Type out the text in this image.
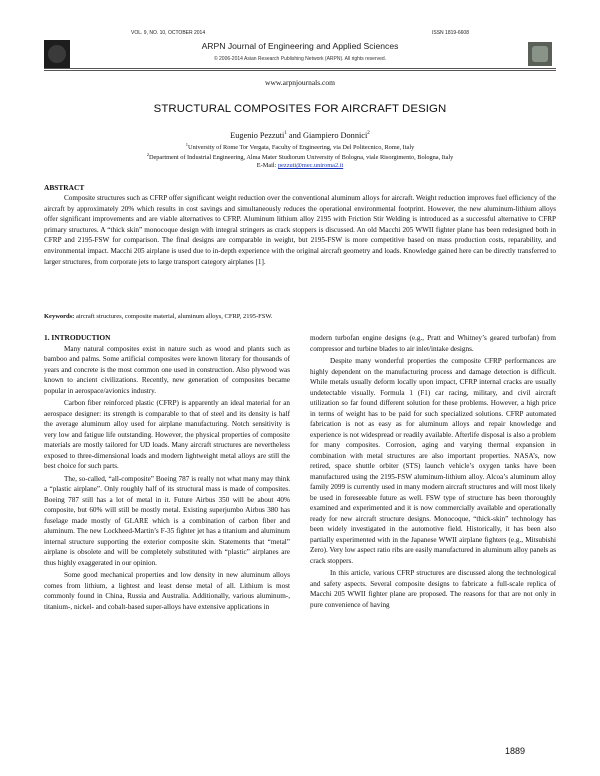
VOL. 9, NO. 10, OCTOBER 2014	ISSN 1819-6608
ARPN Journal of Engineering and Applied Sciences
© 2006-2014 Asian Research Publishing Network (ARPN). All rights reserved.
www.arpnjournals.com
STRUCTURAL COMPOSITES FOR AIRCRAFT DESIGN
Eugenio Pezzuti$^1$ and Giampiero Donnici$^2$
$^1$University of Rome Tor Vergata, Faculty of Engineering, via Del Politecnico, Rome, Italy
$^2$Department of Industrial Engineering, Alma Mater Studiorum University of Bologna, viale Risorgimento, Bologna, Italy
E-Mail: pezzuti@mec.uniroma2.it
ABSTRACT

Composite structures such as CFRP offer significant weight reduction over the conventional aluminum alloys for aircraft. Weight reduction improves fuel efficiency of the aircraft by approximately 20% which results in cost savings and simultaneously reduces the operational environmental footprint. However, the new aluminum-lithium alloys offer significant improvements and are viable alternatives to CFRP. Aluminum lithium alloy 2195 with Friction Stir Welding is introduced as a successful alternative to CFRP primary structures. A “thick skin” monocoque design with integral stringers as crack stoppers is discussed. An old Macchi 205 WWII fighter plane has been redesigned both in CFRP and 2195-FSW for comparison. The final designs are comparable in weight, but 2195-FSW is more competitive based on mass production costs, reparability, and environmental impact. Macchi 205 airplane is used due to in-depth experience with the original aircraft geometry and loads. Knowledge gained here can be directly transferred to larger structures, from corporate jets to large transport category airplanes [1].

Keywords: aircraft structures, composite material, aluminum alloys, CFRP, 2195-FSW.
1. INTRODUCTION

Many natural composites exist in nature such as wood and plants such as bamboo and palms. Some artificial composites were known literary for thousands of years and concrete is the most common one used in construction. Also plywood was known to ancient civilizations. Recently, new generation of composites became popular in aerospace/avionics industry.

Carbon fiber reinforced plastic (CFRP) is apparently an ideal material for an aerospace designer: its strength is comparable to that of steel and its density is half the average aluminum alloy used for airplane manufacturing. Notch sensitivity is very low and fatigue life outstanding. However, the physical properties of composite materials are mostly tailored for UD loads. Many aircraft structures are nevertheless exposed to three-dimensional loads and modern lightweight metal alloys are still the best choice for such parts.

The, so-called, “all-composite” Boeing 787 is really not what many may think a “plastic airplane”. Only roughly half of its structural mass is made of composites. Boeing 787 still has a lot of metal in it. Future Airbus 350 will be about 40% composite, but 60% will still be mostly metal. Existing superjumbo Airbus 380 has fuselage made mostly of GLARE which is a combination of carbon fiber and aluminum. The new Lockheed-Martin’s F-35 fighter jet has a titanium and aluminum internal structure supporting the exterior composite skin. Statements that “metal” airplane is obsolete and will be completely substituted with “plastic” airplanes are thus highly exaggerated in our opinion.

Some good mechanical properties and low density in new aluminum alloys comes from lithium, a lightest and least dense metal of all. Lithium is most commonly found in China, Russia and Australia. Additionally, various aluminum-, titanium-, nickel- and cobalt-based super-alloys have extensive applications in

modern turbofan engine designs (e.g., Pratt and Whitney’s geared turbofan) from compressor and turbine blades to air inlet/intake designs.

Despite many wonderful properties the composite CFRP performances are highly dependent on the manufacturing process and damage detection is difficult. While metals usually deform locally upon impact, CFRP internal cracks are usually undetectable visually. Formula 1 (F1) car racing, military, and civil aircraft utilization so far found different solution for these problems. However, a high price in terms of weight has to be paid for such specialized solutions. CFRP automated fabrication is not as easy as for aluminum alloys and repair knowledge and experience is not widespread or readily available. Afterlife disposal is also a problem for many composites. Corrosion, aging and varying thermal expansion in combination with metal structures are also important properties. NASA’s, now retired, space shuttle orbiter (STS) launch vehicle’s oxygen tanks have been manufactured using the 2195-FSW aluminum-lithium alloy. Alcoa’s aluminum alloy family 2099 is currently used in many modern aircraft structures and will most likely be used in foreseeable future as well. FSW type of structure has been thoroughly examined and experimented and it is now commercially available and operationally ready for new aircraft structure designs. Monocoque, “thick-skin” technology has been widely investigated in the automotive field. Historically, it has been also partially experimented with in the Japanese WWII airplane fighters (e.g., Mitsubishi Zero). Very low aspect ratio ribs are easily manufactured in aluminum alloy panels as crack stoppers.

In this article, various CFRP structures are discussed along the technological and safety aspects. Several composite designs to fabricate a full-scale replica of Macchi 205 WWII fighter plane are proposed. The reasons for that are not only in pure convenience of having

1889
